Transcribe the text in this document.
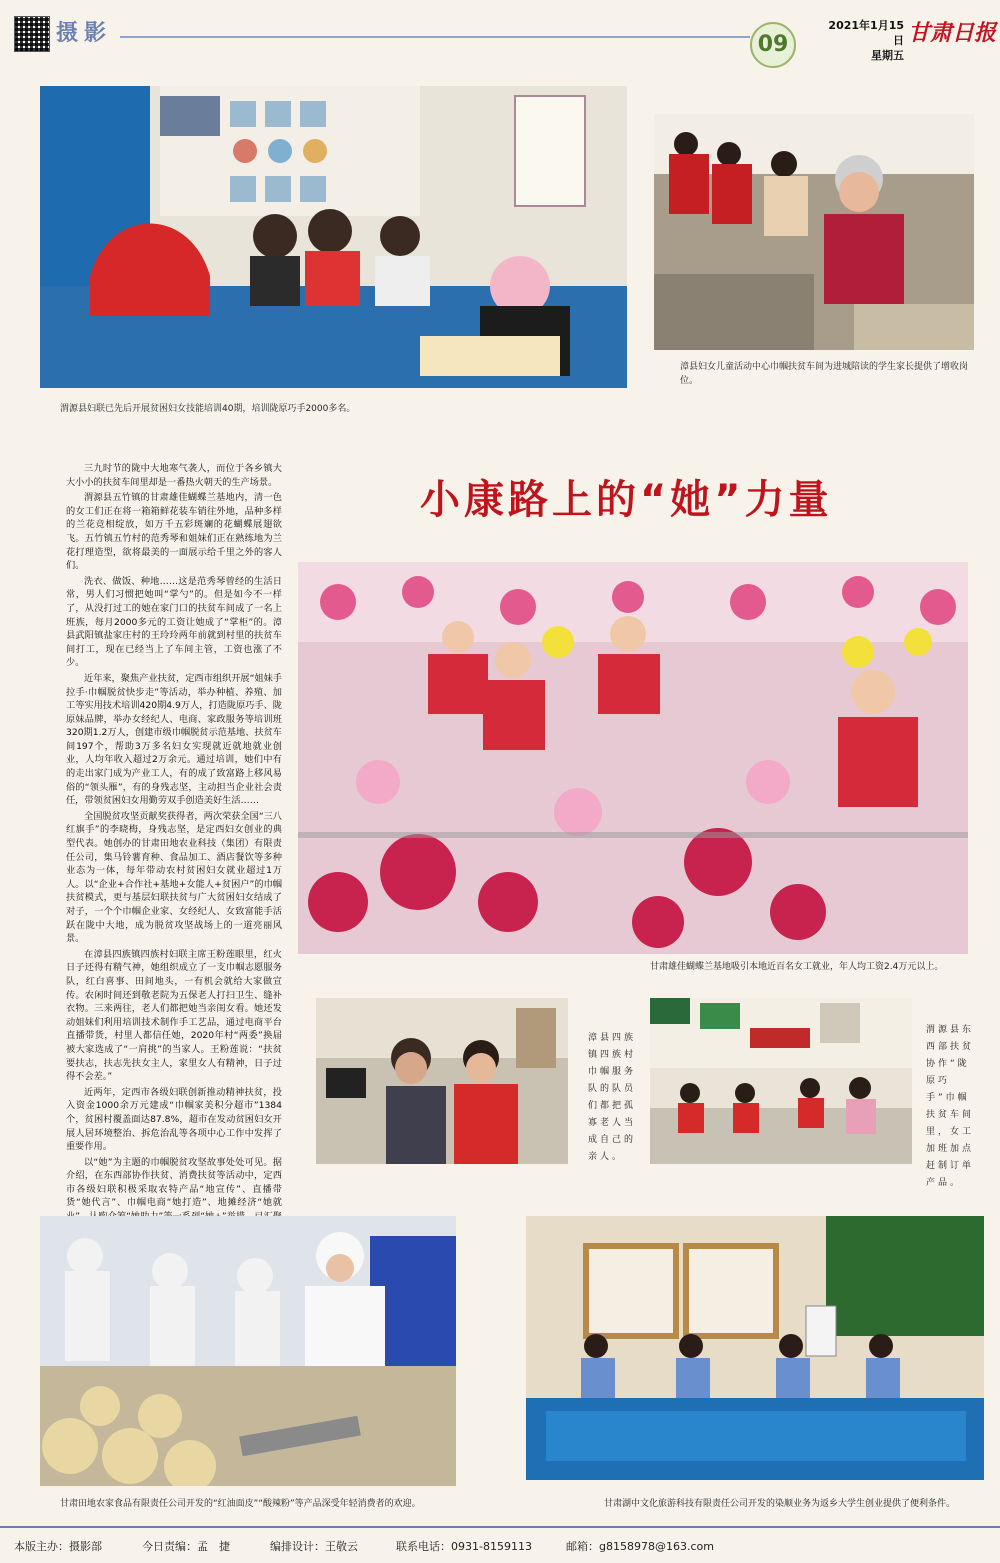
摄影	09
2021年1月15日
星期五
甘肃日报
渭源县妇联已先后开展贫困妇女技能培训40期，培训陇原巧手2000多名。
漳县妇女儿童活动中心巾帼扶贫车间为进城陪读的学生家长提供了增收岗位。
小康路上的“她”力量

三九时节的陇中大地寒气袭人，而位于各乡镇大大小小的扶贫车间里却是一番热火朝天的生产场景。

渭源县五竹镇的甘肃雄佳蝴蝶兰基地内，清一色的女工们正在将一箱箱鲜花装车销往外地，品种多样的兰花竞相绽放，如万千五彩斑斓的花蝴蝶展翅欲飞。五竹镇五竹村的范秀琴和姐妹们正在熟练地为兰花打理造型，欲将最美的一面展示给千里之外的客人们。

洗衣、做饭、种地……这是范秀琴曾经的生活日常，男人们习惯把她叫“掌勺”的。但是如今不一样了，从没打过工的她在家门口的扶贫车间成了一名上班族，每月2000多元的工资让她成了“掌柜”的。漳县武阳镇盐家庄村的王玲玲两年前就到村里的扶贫车间打工，现在已经当上了车间主管，工资也涨了不少。

近年来，聚焦产业扶贫，定西市组织开展“姐妹手拉手·巾帼脱贫快步走”等活动，举办种植、养殖、加工等实用技术培训420期4.9万人，打造陇原巧手、陇原妹品牌，举办女经纪人、电商、家政服务等培训班320期1.2万人，创建市级巾帼脱贫示范基地、扶贫车间197个，帮助3万多名妇女实现就近就地就业创业，人均年收入超过2万余元。通过培训，她们中有的走出家门成为产业工人，有的成了致富路上移风易俗的“领头雁”，有的身残志坚，主动担当企业社会责任，带领贫困妇女用勤劳双手创造美好生活……

全国脱贫攻坚贡献奖获得者，两次荣获全国“三八红旗手”的李晓梅，身残志坚，是定西妇女创业的典型代表。她创办的甘肃田地农业科技（集团）有限责任公司，集马铃薯育种、食品加工、酒店餐饮等多种业态为一体，每年带动农村贫困妇女就业超过1万人。以“企业+合作社+基地+女能人+贫困户”的巾帼扶贫模式，更与基层妇联扶贫与广大贫困妇女结成了对子，一个个巾帼企业家、女经纪人、女致富能手活跃在陇中大地，成为脱贫攻坚战场上的一道亮丽风景。

在漳县四族镇四族村妇联主席王粉莲眼里，红火日子还得有精气神，她组织成立了一支巾帼志愿服务队，红白喜事、田间地头，一有机会就给大家做宣传。农闲时间还到敬老院为五保老人打扫卫生、缝补衣物。三来两往，老人们都把她当亲闺女看。她还发动姐妹们利用培训技术制作手工艺品，通过电商平台直播带货，村里人都信任她，2020年村“两委”换届被大家选成了“一肩挑”的当家人。王粉莲说：“扶贫要扶志，扶志先扶女主人，家里女人有精神，日子过得不会差。”

近两年，定西市各级妇联创新推动精神扶贫，投入资金1000余万元建成“巾帼家美积分超市”1384个，贫困村覆盖面达87.8%，超市在发动贫困妇女开展人居环境整治、拆危治乱等各项中心工作中发挥了重要作用。

以“她”为主题的巾帼脱贫攻坚故事处处可见。据介绍，在东西部协作扶贫、消费扶贫等活动中，定西市各级妇联积极采取农特产品“地宣传”、直播带货“她代言”、巾帼电商“她打造”、地摊经济“她就

甘肃雄佳蝴蝶兰基地吸引本地近百名女工就业，年人均工资2.4万元以上。
漳县四族镇四族村巾帼服务队的队员们都把孤寡老人当成自己的亲人。
渭源县东西部扶贫协作“陇原巧手”巾帼扶贫车间里，女工加班加点赶制订单产品。
甘肃田地农家食品有限责任公司开发的“红油面皮”“酸辣粉”等产品深受年轻消费者的欢迎。	甘肃湖中文化旅游科技有限责任公司开发的染顺业务为返乡大学生创业提供了便利条件。
本版主办：摄影部	今日责编：孟　捷	编排设计：王敬云	联系电话：0931-8159113	邮箱：g8158978@163.com
